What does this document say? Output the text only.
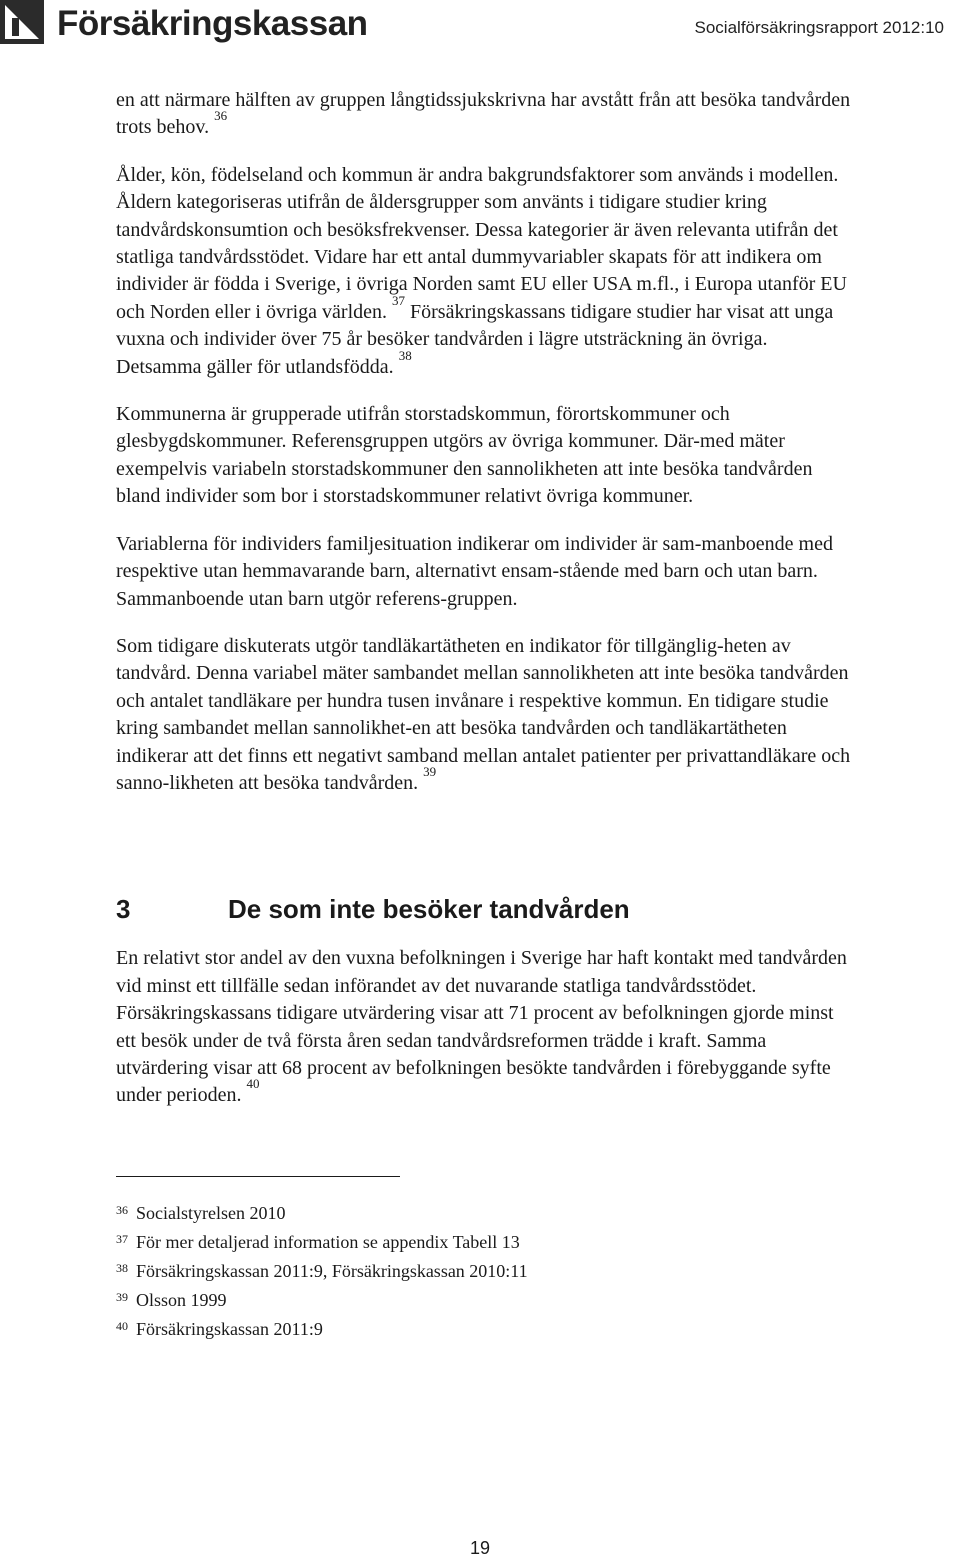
Försäkringskassan	Socialförsäkringsrapport 2012:10

en att närmare hälften av gruppen långtidssjukskrivna har avstått från att besöka tandvården trots behov. $^{36}$

Ålder, kön, födelseland och kommun är andra bakgrundsfaktorer som används i modellen. Åldern kategoriseras utifrån de åldersgrupper som använts i tidigare studier kring tandvårdskonsumtion och besöksfrekvenser. Dessa kategorier är även relevanta utifrån det statliga tandvårdsstödet. Vidare har ett antal dummyvariabler skapats för att indikera om individer är födda i Sverige, i övriga Norden samt EU eller USA m.fl., i Europa utanför EU och Norden eller i övriga världen. $^{37}$ Försäkringskassans tidigare studier har visat att unga vuxna och individer över 75 år besöker tandvården i lägre utsträckning än övriga. Detsamma gäller för utlandsfödda. $^{38}$

Kommunerna är grupperade utifrån storstadskommun, förortskommuner och glesbygdskommuner. Referensgruppen utgörs av övriga kommuner. Där-med mäter exempelvis variabeln storstadskommuner den sannolikheten att inte besöka tandvården bland individer som bor i storstadskommuner relativt övriga kommuner.

Variablerna för individers familjesituation indikerar om individer är sam-manboende med respektive utan hemmavarande barn, alternativt ensam-stående med barn och utan barn. Sammanboende utan barn utgör referens-gruppen.

Som tidigare diskuterats utgör tandläkartätheten en indikator för tillgänglig-heten av tandvård. Denna variabel mäter sambandet mellan sannolikheten att inte besöka tandvården och antalet tandläkare per hundra tusen invånare i respektive kommun. En tidigare studie kring sambandet mellan sannolikhet-en att besöka tandvården och tandläkartätheten indikerar att det finns ett negativt samband mellan antalet patienter per privattandläkare och sanno-likheten att besöka tandvården. $^{39}$

3	De som inte besöker tandvården

En relativt stor andel av den vuxna befolkningen i Sverige har haft kontakt med tandvården vid minst ett tillfälle sedan införandet av det nuvarande statliga tandvårdsstödet. Försäkringskassans tidigare utvärdering visar att 71 procent av befolkningen gjorde minst ett besök under de två första åren sedan tandvårdsreformen trädde i kraft. Samma utvärdering visar att 68 procent av befolkningen besökte tandvården i förebyggande syfte under perioden. $^{40}$

36 Socialstyrelsen 2010
37 För mer detaljerad information se appendix Tabell 13
38 Försäkringskassan 2011:9, Försäkringskassan 2010:11
39 Olsson 1999
40 Försäkringskassan 2011:9
19
